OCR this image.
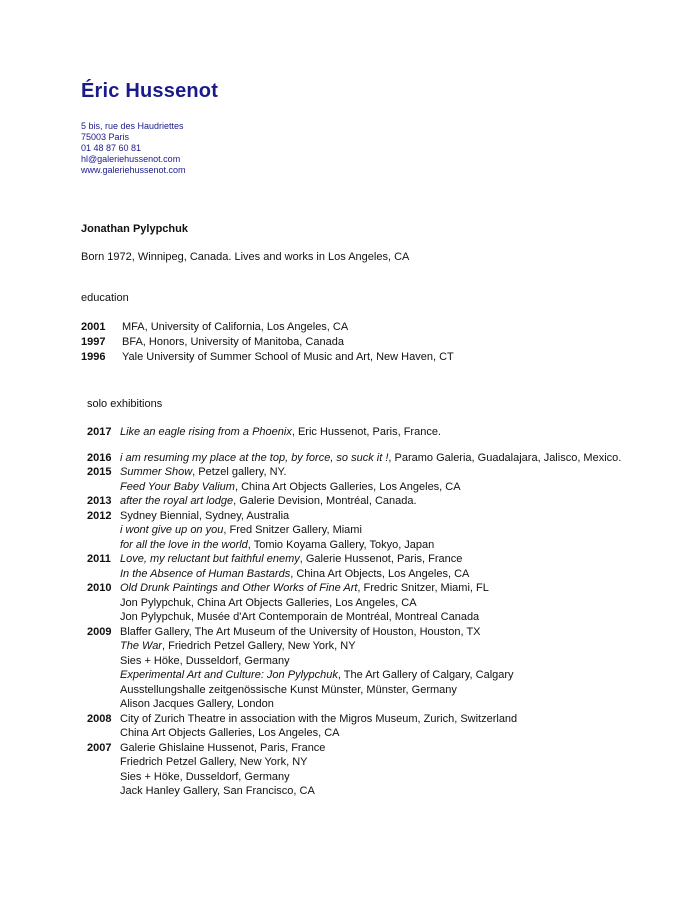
Éric Hussenot
5 bis, rue des Haudriettes
75003 Paris
01 48 87 60 81
hl@galeriehussenot.com
www.galeriehussenot.com
Jonathan Pylypchuk
Born 1972, Winnipeg, Canada. Lives and works in Los Angeles, CA
education
2001	MFA, University of California, Los Angeles, CA
1997	BFA, Honors, University of Manitoba, Canada
1996	Yale University of Summer School of Music and Art, New Haven, CT
solo exhibitions
2017 Like an eagle rising from a Phoenix, Eric Hussenot, Paris, France.
2016 i am resuming my place at the top, by force, so suck it !, Paramo Galeria, Guadalajara, Jalisco, Mexico.
2015 Summer Show, Petzel gallery, NY.
Feed Your Baby Valium, China Art Objects Galleries, Los Angeles, CA
2013 after the royal art lodge, Galerie Devision, Montréal, Canada.
2012 Sydney Biennial, Sydney, Australia
i wont give up on you, Fred Snitzer Gallery, Miami
for all the love in the world, Tomio Koyama Gallery, Tokyo, Japan
2011 Love, my reluctant but faithful enemy, Galerie Hussenot, Paris, France
In the Absence of Human Bastards, China Art Objects, Los Angeles, CA
2010 Old Drunk Paintings and Other Works of Fine Art, Fredric Snitzer, Miami, FL
Jon Pylypchuk, China Art Objects Galleries, Los Angeles, CA
Jon Pylypchuk, Musée d'Art Contemporain de Montréal, Montreal Canada
2009 Blaffer Gallery, The Art Museum of the University of Houston, Houston, TX
The War, Friedrich Petzel Gallery, New York, NY
Sies + Höke, Dusseldorf, Germany
Experimental Art and Culture: Jon Pylypchuk, The Art Gallery of Calgary, Calgary
Ausstellungshalle zeitgenössische Kunst Münster, Münster, Germany
Alison Jacques Gallery, London
2008 City of Zurich Theatre in association with the Migros Museum, Zurich, Switzerland
China Art Objects Galleries, Los Angeles, CA
2007 Galerie Ghislaine Hussenot, Paris, France
Friedrich Petzel Gallery, New York, NY
Sies + Höke, Dusseldorf, Germany
Jack Hanley Gallery, San Francisco, CA
